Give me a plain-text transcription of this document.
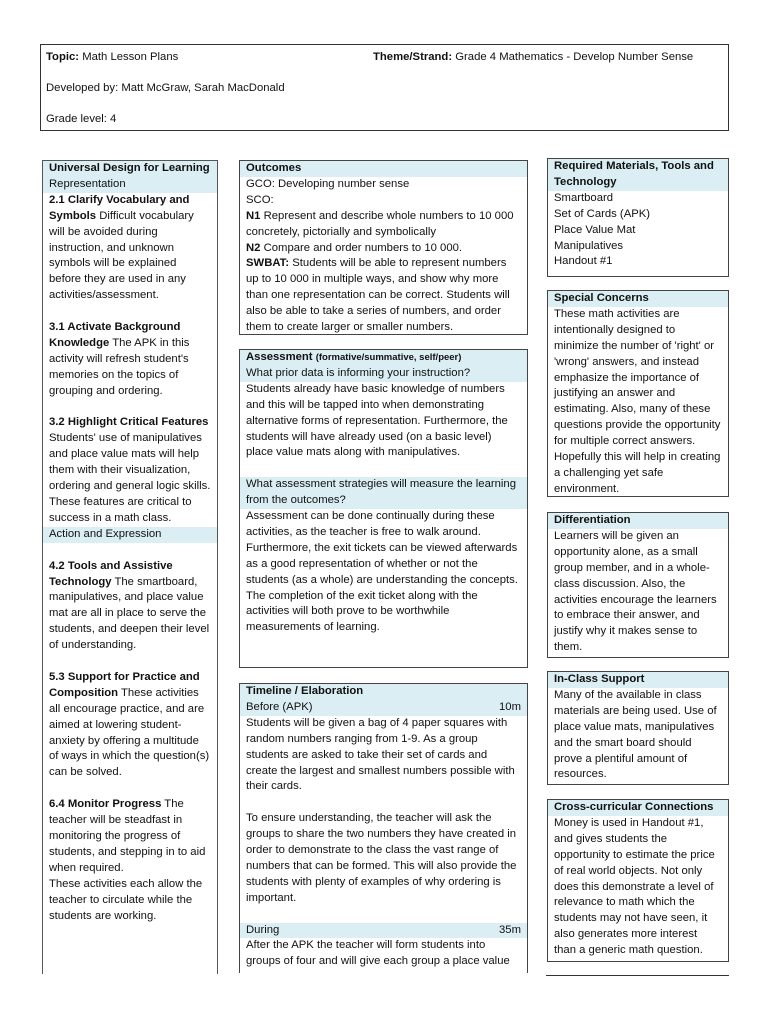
Topic: Math Lesson Plans	Theme/Strand: Grade 4 Mathematics - Develop Number Sense
Developed by: Matt McGraw, Sarah MacDonald
Grade level: 4
Universal Design for Learning
Representation
2.1 Clarify Vocabulary and Symbols Difficult vocabulary will be avoided during instruction, and unknown symbols will be explained before they are used in any activities/assessment.
3.1 Activate Background Knowledge The APK in this activity will refresh student's memories on the topics of grouping and ordering.
3.2 Highlight Critical Features
Students' use of manipulatives and place value mats will help them with their visualization, ordering and general logic skills. These features are critical to success in a math class.
Action and Expression
4.2 Tools and Assistive Technology The smartboard, manipulatives, and place value mat are all in place to serve the students, and deepen their level of understanding.
5.3 Support for Practice and Composition These activities all encourage practice, and are aimed at lowering student-anxiety by offering a multitude of ways in which the question(s) can be solved.
6.4 Monitor Progress The teacher will be steadfast in monitoring the progress of students, and stepping in to aid when required.
These activities each allow the teacher to circulate while the students are working.
Outcomes
GCO: Developing number sense
SCO:
N1 Represent and describe whole numbers to 10 000 concretely, pictorially and symbolically
N2 Compare and order numbers to 10 000.
SWBAT: Students will be able to represent numbers up to 10 000 in multiple ways, and show why more than one representation can be correct. Students will also be able to take a series of numbers, and order them to create larger or smaller numbers.
Assessment (formative/summative, self/peer)
What prior data is informing your instruction?
Students already have basic knowledge of numbers and this will be tapped into when demonstrating alternative forms of representation. Furthermore, the students will have already used (on a basic level) place value mats along with manipulatives.
What assessment strategies will measure the learning from the outcomes?
Assessment can be done continually during these activities, as the teacher is free to walk around. Furthermore, the exit tickets can be viewed afterwards as a good representation of whether or not the students (as a whole) are understanding the concepts. The completion of the exit ticket along with the activities will both prove to be worthwhile measurements of learning.
Timeline / Elaboration
Before (APK)	10m
Students will be given a bag of 4 paper squares with random numbers ranging from 1-9. As a group students are asked to take their set of cards and create the largest and smallest numbers possible with their cards.
To ensure understanding, the teacher will ask the groups to share the two numbers they have created in order to demonstrate to the class the vast range of numbers that can be formed. This will also provide the students with plenty of examples of why ordering is important.
During	35m
After the APK the teacher will form students into groups of four and will give each group a place value
Required Materials, Tools and Technology
Smartboard
Set of Cards (APK)
Place Value Mat
Manipulatives
Handout #1
Special Concerns
These math activities are intentionally designed to minimize the number of 'right' or 'wrong' answers, and instead emphasize the importance of justifying an answer and estimating. Also, many of these questions provide the opportunity for multiple correct answers. Hopefully this will help in creating a challenging yet safe environment.
Differentiation
Learners will be given an opportunity alone, as a small group member, and in a whole-class discussion. Also, the activities encourage the learners to embrace their answer, and justify why it makes sense to them.
In-Class Support
Many of the available in class materials are being used. Use of place value mats, manipulatives and the smart board should prove a plentiful amount of resources.
Cross-curricular Connections
Money is used in Handout #1, and gives students the opportunity to estimate the price of real world objects. Not only does this demonstrate a level of relevance to math which the students may not have seen, it also generates more interest than a generic math question.
